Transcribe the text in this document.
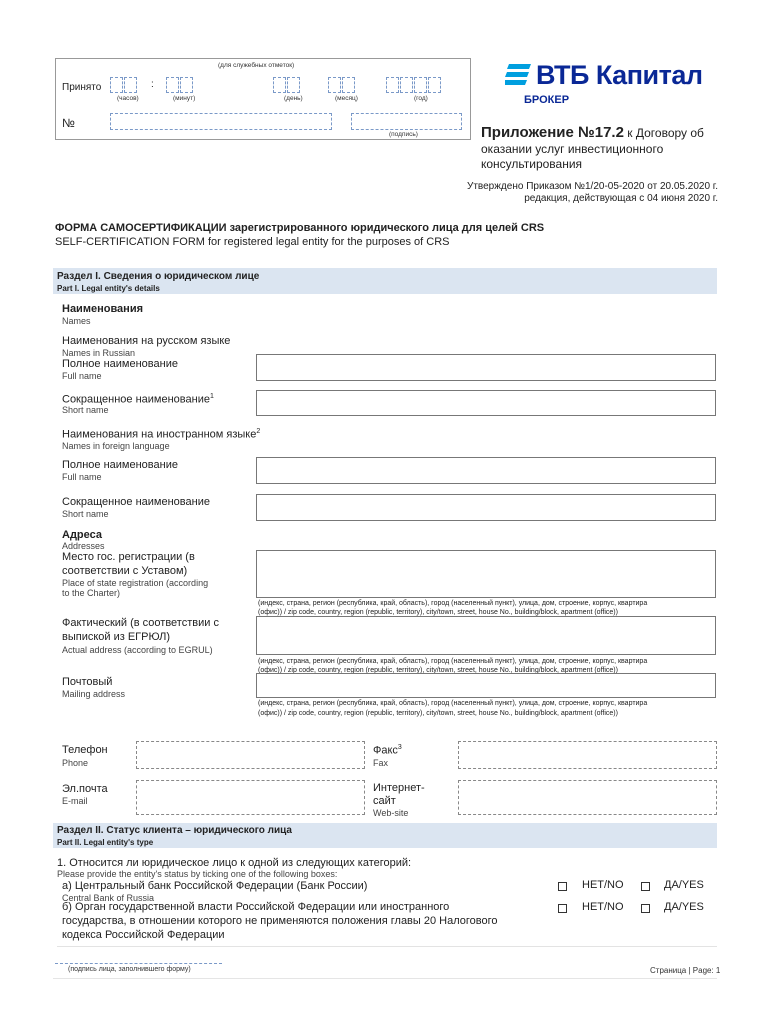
(для служебных отметок)
Принято	:
(часов)	(минут)	(день)	(месяц)	(год)
№
(подпись)
ВТБ Капитал
БРОКЕР
Приложение №17.2 к Договору об
оказании услуг инвестиционного
консультирования
Утверждено Приказом №1/20-05-2020 от 20.05.2020 г.
редакция, действующая с 04 июня 2020 г.
ФОРМА САМОСЕРТИФИКАЦИИ зарегистрированного юридического лица для целей CRS
SELF-CERTIFICATION FORM for registered legal entity for the purposes of CRS
Раздел I. Сведения о юридическом лице
Part I. Legal entity's details
Наименования
Names
Наименования на русском языке
Names in Russian
Полное наименование
Full name
Сокращенное наименование$^1$
Short name
Наименования на иностранном языке$^2$
Names in foreign language
Полное наименование
Full name
Сокращенное наименование
Short name
Адреса
Addresses
Место гос. регистрации (в
соответствии с Уставом)
Place of state registration (according
to the Charter)
(индекс, страна, регион (республика, край, область), город (населенный пункт), улица, дом, строение, корпус, квартира
(офис)) / zip code, country, region (republic, territory), city/town, street, house No., building/block, apartment (office))
Фактический (в соответствии с
выпиской из ЕГРЮЛ)
Actual address (according to EGRUL)
(индекс, страна, регион (республика, край, область), город (населенный пункт), улица, дом, строение, корпус, квартира
(офис)) / zip code, country, region (republic, territory), city/town, street, house No., building/block, apartment (office))
Почтовый
Mailing address
(индекс, страна, регион (республика, край, область), город (населенный пункт), улица, дом, строение, корпус, квартира
(офис)) / zip code, country, region (republic, territory), city/town, street, house No., building/block, apartment (office))
Телефон
Phone
Факс$^3$
Fax
Эл.почта
E-mail
Интернет-
сайт
Web-site
Раздел II. Статус клиента – юридического лица
Part II. Legal entity's type
1. Относится ли юридическое лицо к одной из следующих категорий:
Please provide the entity's status by ticking one of the following boxes:
а) Центральный банк Российской Федерации (Банк России)
Central Bank of Russia
НЕТ/NO	ДА/YES
б) Орган государственной власти Российской Федерации или иностранного
государства, в отношении которого не применяются положения главы 20 Налогового
кодекса Российской Федерации
НЕТ/NO	ДА/YES
(подпись лица, заполнившего форму)	Страница | Page: 1
